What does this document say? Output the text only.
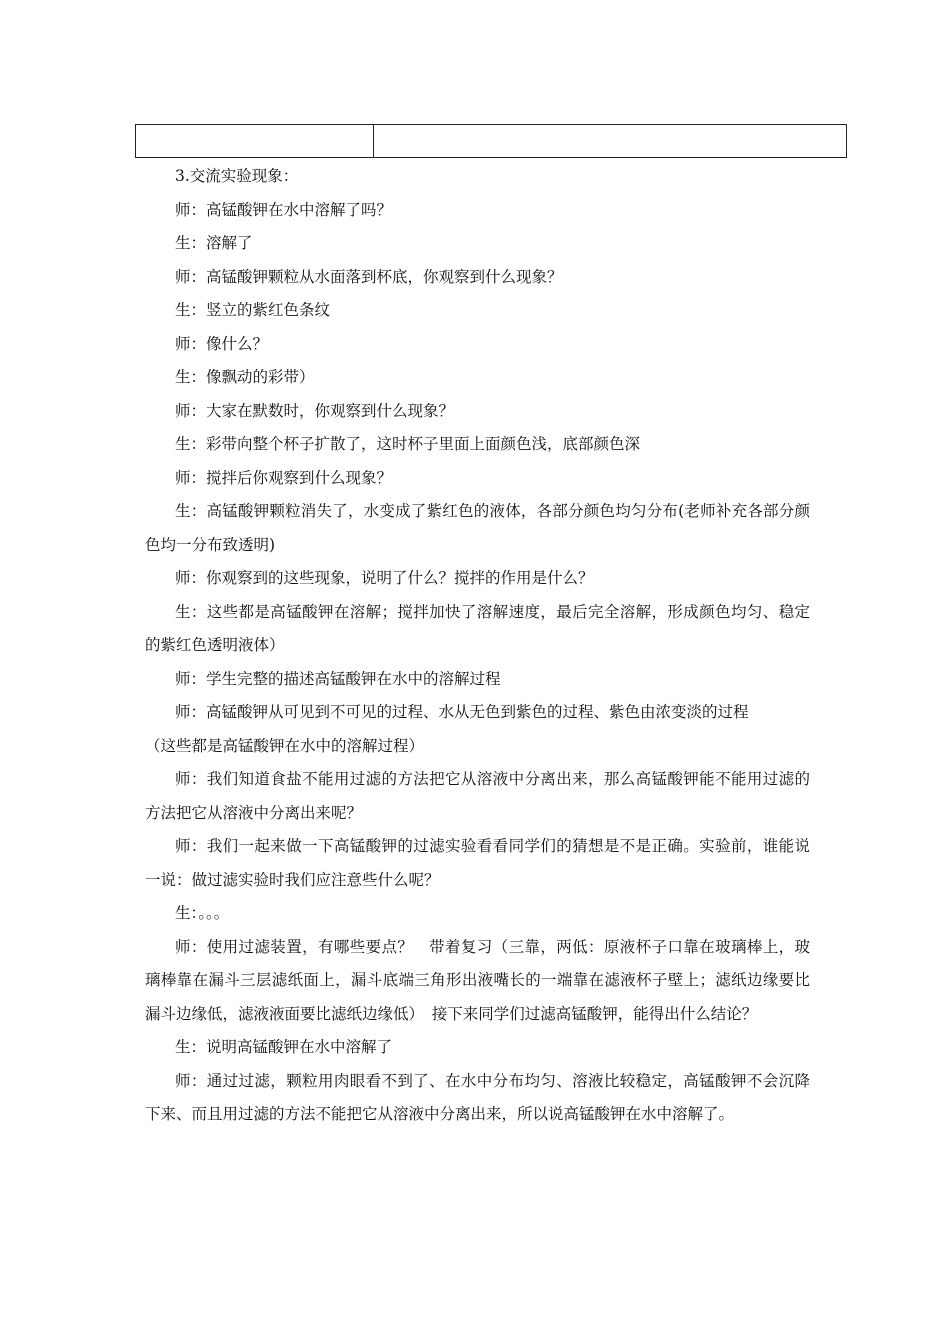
3.交流实验现象：

师：高锰酸钾在水中溶解了吗？

生：溶解了

师：高锰酸钾颗粒从水面落到杯底，你观察到什么现象？

生：竖立的紫红色条纹

师：像什么？

生：像飘动的彩带）

师：大家在默数时，你观察到什么现象？

生：彩带向整个杯子扩散了，这时杯子里面上面颜色浅，底部颜色深

师：搅拌后你观察到什么现象？

生：高锰酸钾颗粒消失了，水变成了紫红色的液体，各部分颜色均匀分布(老师补充各部分颜色均一分布致透明)

师：你观察到的这些现象，说明了什么？搅拌的作用是什么？

生：这些都是高锰酸钾在溶解；搅拌加快了溶解速度，最后完全溶解，形成颜色均匀、稳定的紫红色透明液体）

师：学生完整的描述高锰酸钾在水中的溶解过程

师：高锰酸钾从可见到不可见的过程、水从无色到紫色的过程、紫色由浓变淡的过程

（这些都是高锰酸钾在水中的溶解过程）

师：我们知道食盐不能用过滤的方法把它从溶液中分离出来，那么高锰酸钾能不能用过滤的方法把它从溶液中分离出来呢？

师：我们一起来做一下高锰酸钾的过滤实验看看同学们的猜想是不是正确。实验前，谁能说一说：做过滤实验时我们应注意些什么呢？

生：。。。

师：使用过滤装置，有哪些要点？　带着复习（三靠，两低：原液杯子口靠在玻璃棒上，玻璃棒靠在漏斗三层滤纸面上，漏斗底端三角形出液嘴长的一端靠在滤液杯子壁上；滤纸边缘要比漏斗边缘低，滤液液面要比滤纸边缘低）　接下来同学们过滤高锰酸钾，能得出什么结论？

生：说明高锰酸钾在水中溶解了

师：通过过滤，颗粒用肉眼看不到了、在水中分布均匀、溶液比较稳定，高锰酸钾不会沉降下来、而且用过滤的方法不能把它从溶液中分离出来，所以说高锰酸钾在水中溶解了。
